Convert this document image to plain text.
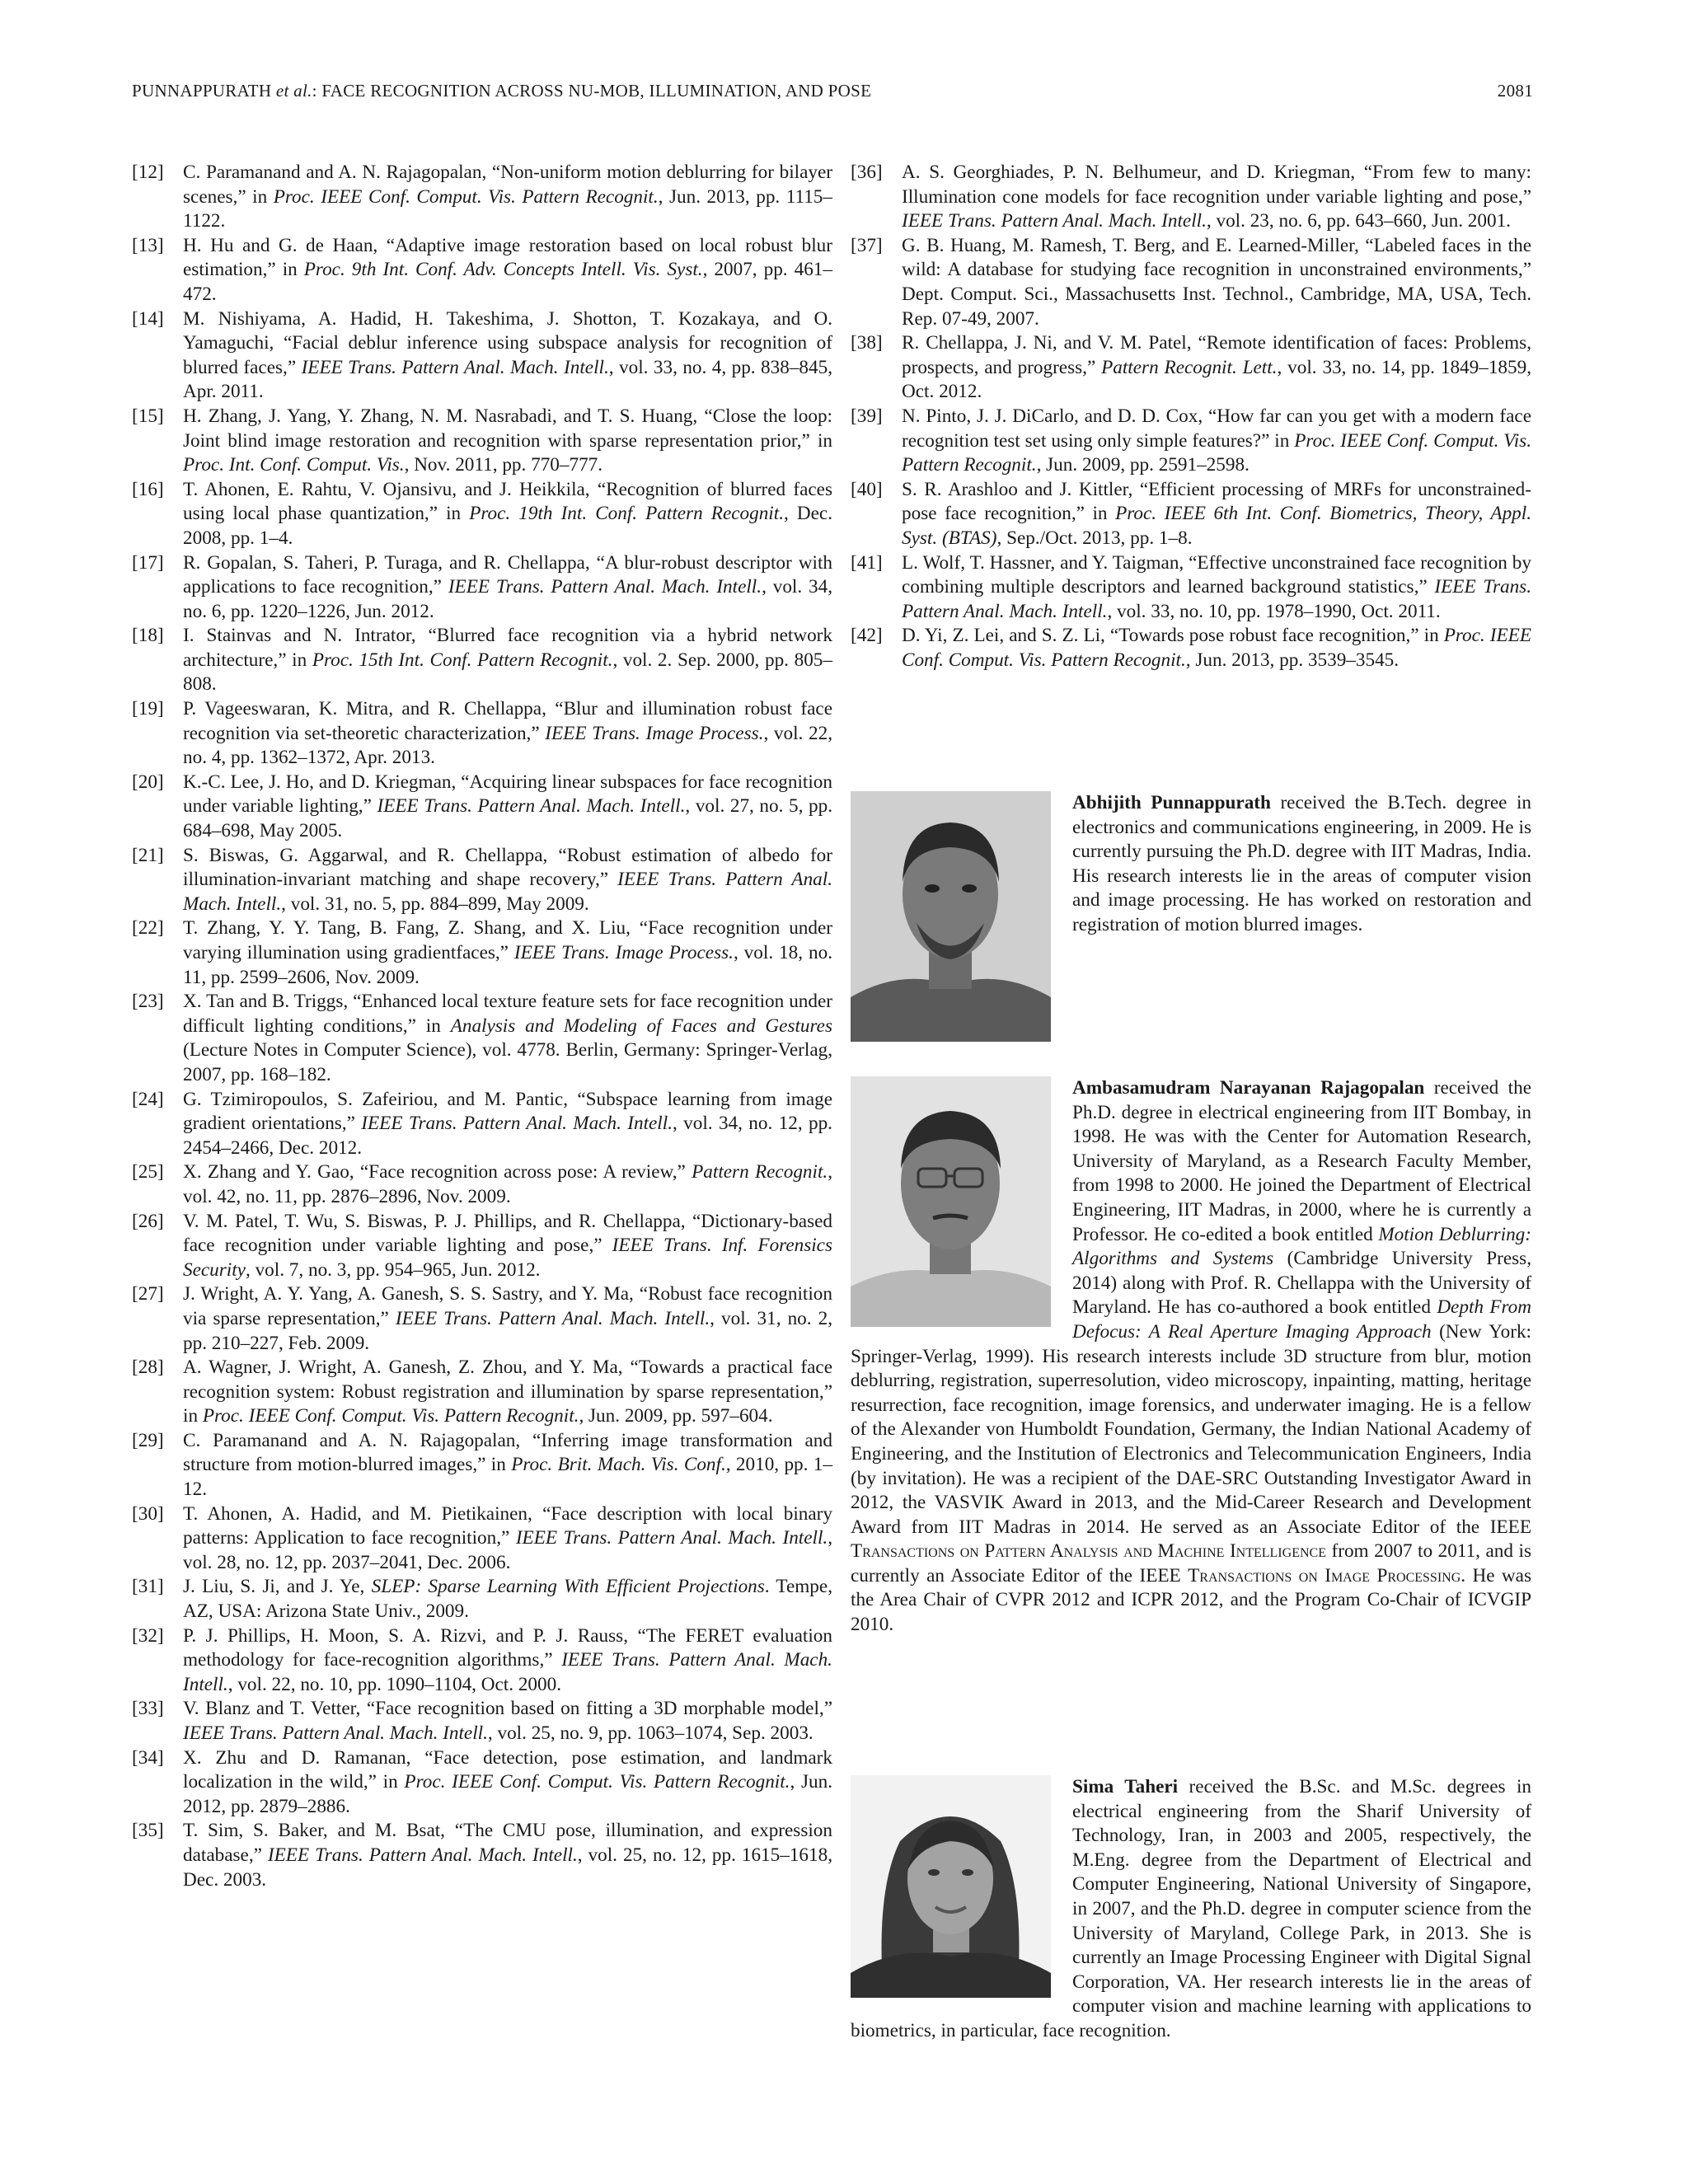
PUNNAPPURATH et al.: FACE RECOGNITION ACROSS NU-MOB, ILLUMINATION, AND POSE	2081

[12] C. Paramanand and A. N. Rajagopalan, “Non-uniform motion deblurring for bilayer scenes,” in Proc. IEEE Conf. Comput. Vis. Pattern Recognit., Jun. 2013, pp. 1115–1122.

[13] H. Hu and G. de Haan, “Adaptive image restoration based on local robust blur estimation,” in Proc. 9th Int. Conf. Adv. Concepts Intell. Vis. Syst., 2007, pp. 461–472.

[14] M. Nishiyama, A. Hadid, H. Takeshima, J. Shotton, T. Kozakaya, and O. Yamaguchi, “Facial deblur inference using subspace analysis for recognition of blurred faces,” IEEE Trans. Pattern Anal. Mach. Intell., vol. 33, no. 4, pp. 838–845, Apr. 2011.

[15] H. Zhang, J. Yang, Y. Zhang, N. M. Nasrabadi, and T. S. Huang, “Close the loop: Joint blind image restoration and recognition with sparse representation prior,” in Proc. Int. Conf. Comput. Vis., Nov. 2011, pp. 770–777.

[16] T. Ahonen, E. Rahtu, V. Ojansivu, and J. Heikkila, “Recognition of blurred faces using local phase quantization,” in Proc. 19th Int. Conf. Pattern Recognit., Dec. 2008, pp. 1–4.

[17] R. Gopalan, S. Taheri, P. Turaga, and R. Chellappa, “A blur-robust descriptor with applications to face recognition,” IEEE Trans. Pattern Anal. Mach. Intell., vol. 34, no. 6, pp. 1220–1226, Jun. 2012.

[18] I. Stainvas and N. Intrator, “Blurred face recognition via a hybrid network architecture,” in Proc. 15th Int. Conf. Pattern Recognit., vol. 2. Sep. 2000, pp. 805–808.

[19] P. Vageeswaran, K. Mitra, and R. Chellappa, “Blur and illumination robust face recognition via set-theoretic characterization,” IEEE Trans. Image Process., vol. 22, no. 4, pp. 1362–1372, Apr. 2013.

[20] K.-C. Lee, J. Ho, and D. Kriegman, “Acquiring linear subspaces for face recognition under variable lighting,” IEEE Trans. Pattern Anal. Mach. Intell., vol. 27, no. 5, pp. 684–698, May 2005.

[21] S. Biswas, G. Aggarwal, and R. Chellappa, “Robust estimation of albedo for illumination-invariant matching and shape recovery,” IEEE Trans. Pattern Anal. Mach. Intell., vol. 31, no. 5, pp. 884–899, May 2009.

[22] T. Zhang, Y. Y. Tang, B. Fang, Z. Shang, and X. Liu, “Face recognition under varying illumination using gradientfaces,” IEEE Trans. Image Process., vol. 18, no. 11, pp. 2599–2606, Nov. 2009.

[23] X. Tan and B. Triggs, “Enhanced local texture feature sets for face recognition under difficult lighting conditions,” in Analysis and Modeling of Faces and Gestures (Lecture Notes in Computer Science), vol. 4778. Berlin, Germany: Springer-Verlag, 2007, pp. 168–182.

[24] G. Tzimiropoulos, S. Zafeiriou, and M. Pantic, “Subspace learning from image gradient orientations,” IEEE Trans. Pattern Anal. Mach. Intell., vol. 34, no. 12, pp. 2454–2466, Dec. 2012.

[25] X. Zhang and Y. Gao, “Face recognition across pose: A review,” Pattern Recognit., vol. 42, no. 11, pp. 2876–2896, Nov. 2009.

[26] V. M. Patel, T. Wu, S. Biswas, P. J. Phillips, and R. Chellappa, “Dictionary-based face recognition under variable lighting and pose,” IEEE Trans. Inf. Forensics Security, vol. 7, no. 3, pp. 954–965, Jun. 2012.

[27] J. Wright, A. Y. Yang, A. Ganesh, S. S. Sastry, and Y. Ma, “Robust face recognition via sparse representation,” IEEE Trans. Pattern Anal. Mach. Intell., vol. 31, no. 2, pp. 210–227, Feb. 2009.

[28] A. Wagner, J. Wright, A. Ganesh, Z. Zhou, and Y. Ma, “Towards a practical face recognition system: Robust registration and illumination by sparse representation,” in Proc. IEEE Conf. Comput. Vis. Pattern Recognit., Jun. 2009, pp. 597–604.

[29] C. Paramanand and A. N. Rajagopalan, “Inferring image transformation and structure from motion-blurred images,” in Proc. Brit. Mach. Vis. Conf., 2010, pp. 1–12.

[30] T. Ahonen, A. Hadid, and M. Pietikainen, “Face description with local binary patterns: Application to face recognition,” IEEE Trans. Pattern Anal. Mach. Intell., vol. 28, no. 12, pp. 2037–2041, Dec. 2006.

[31] J. Liu, S. Ji, and J. Ye, SLEP: Sparse Learning With Efficient Projections. Tempe, AZ, USA: Arizona State Univ., 2009.

[32] P. J. Phillips, H. Moon, S. A. Rizvi, and P. J. Rauss, “The FERET evaluation methodology for face-recognition algorithms,” IEEE Trans. Pattern Anal. Mach. Intell., vol. 22, no. 10, pp. 1090–1104, Oct. 2000.

[33] V. Blanz and T. Vetter, “Face recognition based on fitting a 3D morphable model,” IEEE Trans. Pattern Anal. Mach. Intell., vol. 25, no. 9, pp. 1063–1074, Sep. 2003.

[34] X. Zhu and D. Ramanan, “Face detection, pose estimation, and landmark localization in the wild,” in Proc. IEEE Conf. Comput. Vis. Pattern Recognit., Jun. 2012, pp. 2879–2886.

[35] T. Sim, S. Baker, and M. Bsat, “The CMU pose, illumination, and expression database,” IEEE Trans. Pattern Anal. Mach. Intell., vol. 25, no. 12, pp. 1615–1618, Dec. 2003.

[36] A. S. Georghiades, P. N. Belhumeur, and D. Kriegman, “From few to many: Illumination cone models for face recognition under variable lighting and pose,” IEEE Trans. Pattern Anal. Mach. Intell., vol. 23, no. 6, pp. 643–660, Jun. 2001.

[37] G. B. Huang, M. Ramesh, T. Berg, and E. Learned-Miller, “Labeled faces in the wild: A database for studying face recognition in unconstrained environments,” Dept. Comput. Sci., Massachusetts Inst. Technol., Cambridge, MA, USA, Tech. Rep. 07-49, 2007.

[38] R. Chellappa, J. Ni, and V. M. Patel, “Remote identification of faces: Problems, prospects, and progress,” Pattern Recognit. Lett., vol. 33, no. 14, pp. 1849–1859, Oct. 2012.

[39] N. Pinto, J. J. DiCarlo, and D. D. Cox, “How far can you get with a modern face recognition test set using only simple features?” in Proc. IEEE Conf. Comput. Vis. Pattern Recognit., Jun. 2009, pp. 2591–2598.

[40] S. R. Arashloo and J. Kittler, “Efficient processing of MRFs for unconstrained-pose face recognition,” in Proc. IEEE 6th Int. Conf. Biometrics, Theory, Appl. Syst. (BTAS), Sep./Oct. 2013, pp. 1–8.

[41] L. Wolf, T. Hassner, and Y. Taigman, “Effective unconstrained face recognition by combining multiple descriptors and learned background statistics,” IEEE Trans. Pattern Anal. Mach. Intell., vol. 33, no. 10, pp. 1978–1990, Oct. 2011.

[42] D. Yi, Z. Lei, and S. Z. Li, “Towards pose robust face recognition,” in Proc. IEEE Conf. Comput. Vis. Pattern Recognit., Jun. 2013, pp. 3539–3545.

Abhijith Punnappurath received the B.Tech. degree in electronics and communications engineering, in 2009. He is currently pursuing the Ph.D. degree with IIT Madras, India. His research interests lie in the areas of computer vision and image processing. He has worked on restoration and registration of motion blurred images.
Ambasamudram Narayanan Rajagopalan received the Ph.D. degree in electrical engineering from IIT Bombay, in 1998. He was with the Center for Automation Research, University of Maryland, as a Research Faculty Member, from 1998 to 2000. He joined the Department of Electrical Engineering, IIT Madras, in 2000, where he is currently a Professor. He co-edited a book entitled Motion Deblurring: Algorithms and Systems (Cambridge University Press, 2014) along with Prof. R. Chellappa with the University of Maryland. He has co-authored a book entitled Depth From Defocus: A Real Aperture Imaging Approach (New York: Springer-Verlag, 1999). His research interests include 3D structure from blur, motion deblurring, registration, superresolution, video microscopy, inpainting, matting, heritage resurrection, face recognition, image forensics, and underwater imaging. He is a fellow of the Alexander von Humboldt Foundation, Germany, the Indian National Academy of Engineering, and the Institution of Electronics and Telecommunication Engineers, India (by invitation). He was a recipient of the DAE-SRC Outstanding Investigator Award in 2012, the VASVIK Award in 2013, and the Mid-Career Research and Development Award from IIT Madras in 2014. He served as an Associate Editor of the IEEE Transactions on Pattern Analysis and Machine Intelligence from 2007 to 2011, and is currently an Associate Editor of the IEEE Transactions on Image Processing. He was the Area Chair of CVPR 2012 and ICPR 2012, and the Program Co-Chair of ICVGIP 2010.
Sima Taheri received the B.Sc. and M.Sc. degrees in electrical engineering from the Sharif University of Technology, Iran, in 2003 and 2005, respectively, the M.Eng. degree from the Department of Electrical and Computer Engineering, National University of Singapore, in 2007, and the Ph.D. degree in computer science from the University of Maryland, College Park, in 2013. She is currently an Image Processing Engineer with Digital Signal Corporation, VA. Her research interests lie in the areas of computer vision and machine learning with applications to biometrics, in particular, face recognition.
